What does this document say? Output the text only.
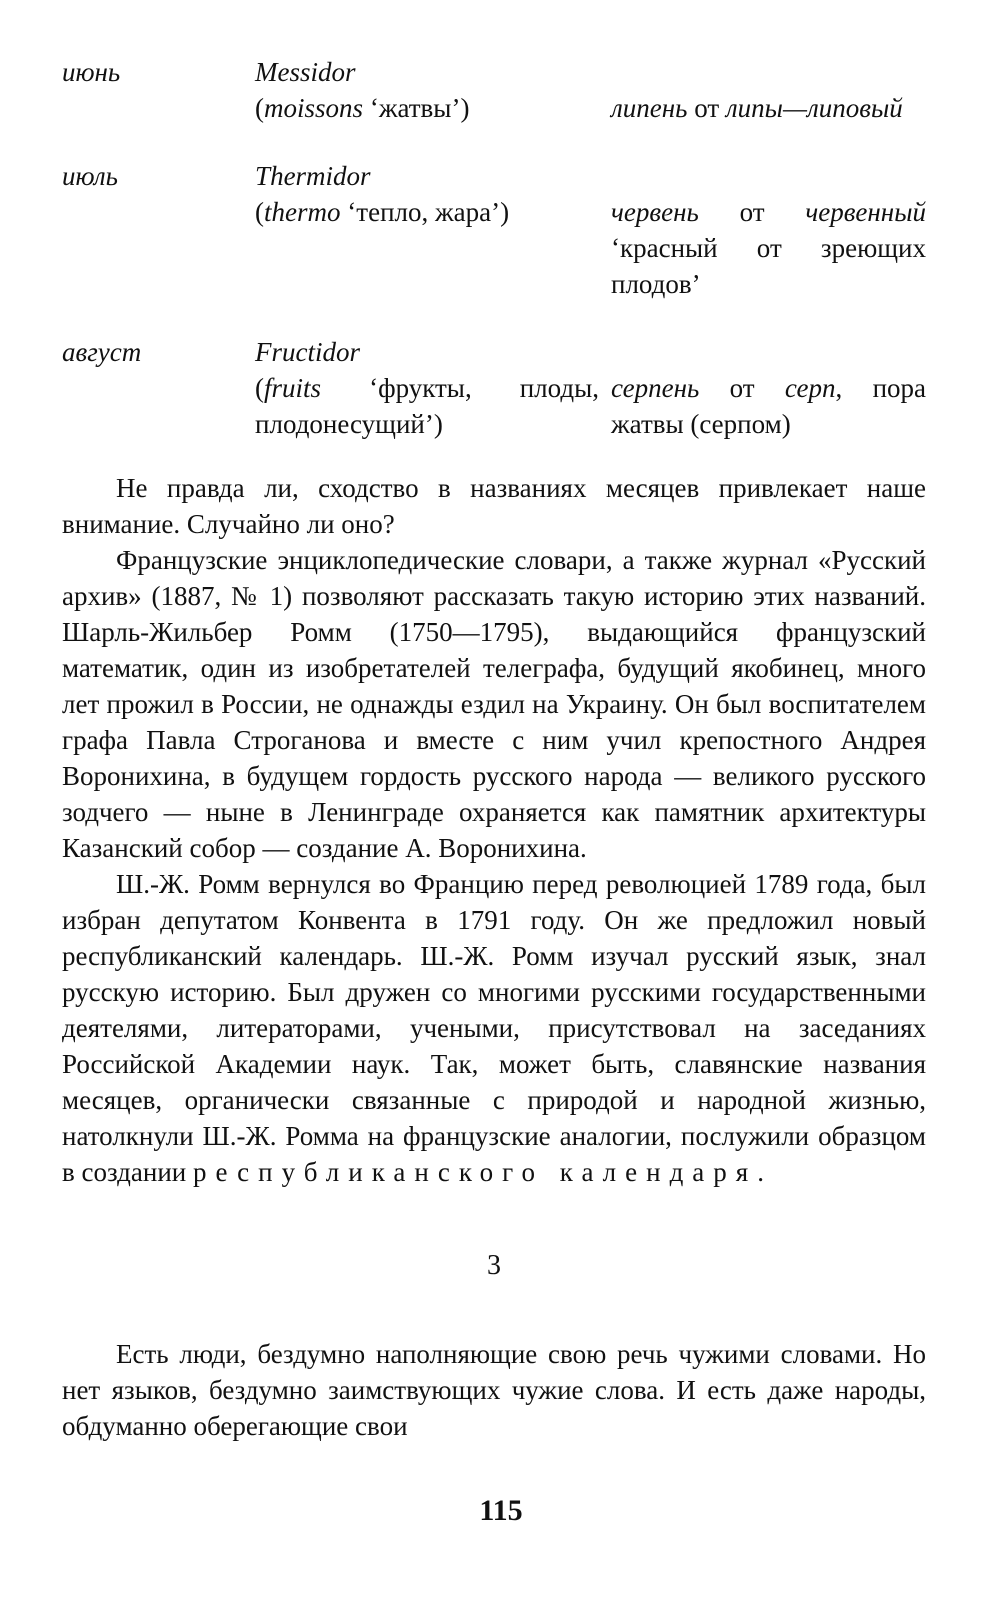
июнь	Messidor
(moissons ‘жатвы’)	липень от липы—липовый

июль	Thermidor
(thermo ‘тепло, жара’)	червень от червенный ‘красный от зреющих плодов’

август	Fructidor
(fruits ‘фрукты, плоды, плодонесущий’)	серпень от серп, пора жатвы (серпом)

Не правда ли, сходство в названиях месяцев привлекает наше внимание. Случайно ли оно?

Французские энциклопедические словари, а также журнал «Русский архив» (1887, № 1) позволяют рассказать такую историю этих названий. Шарль-Жильбер Ромм (1750—1795), выдающийся французский математик, один из изобретателей телеграфа, будущий якобинец, много лет прожил в России, не однажды ездил на Украину. Он был воспитателем графа Павла Строганова и вместе с ним учил крепостного Андрея Воронихина, в будущем гордость русского народа — великого русского зодчего — ныне в Ленинграде охраняется как памятник архитектуры Казанский собор — создание А. Воронихина.

Ш.-Ж. Ромм вернулся во Францию перед революцией 1789 года, был избран депутатом Конвента в 1791 году. Он же предложил новый республиканский календарь. Ш.-Ж. Ромм изучал русский язык, знал русскую историю. Был дружен со многими русскими государственными деятелями, литераторами, учеными, присутствовал на заседаниях Российской Академии наук. Так, может быть, славянские названия месяцев, органически связанные с природой и народной жизнью, натолкнули Ш.-Ж. Ромма на французские аналогии, послужили образцом в создании республиканского календаря.

3

Есть люди, бездумно наполняющие свою речь чужими словами. Но нет языков, бездумно заимствующих чужие слова. И есть даже народы, обдуманно оберегающие свои

115
